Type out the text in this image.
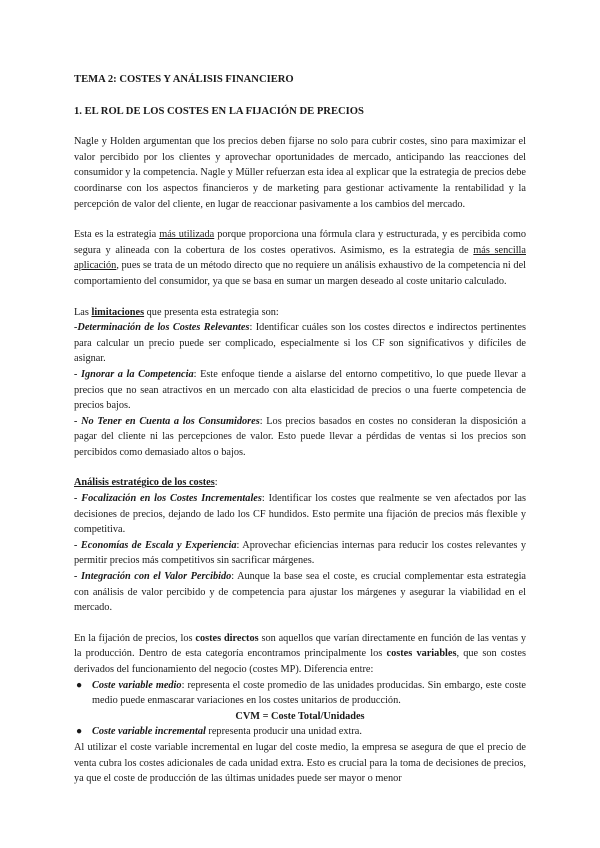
TEMA 2: COSTES Y ANÁLISIS FINANCIERO

1. EL ROL DE LOS COSTES EN LA FIJACIÓN DE PRECIOS

Nagle y Holden argumentan que los precios deben fijarse no solo para cubrir costes, sino para maximizar el valor percibido por los clientes y aprovechar oportunidades de mercado, anticipando las reacciones del consumidor y la competencia. Nagle y Müller refuerzan esta idea al explicar que la estrategia de precios debe coordinarse con los aspectos financieros y de marketing para gestionar activamente la rentabilidad y la percepción de valor del cliente, en lugar de reaccionar pasivamente a los cambios del mercado.

Esta es la estrategia más utilizada porque proporciona una fórmula clara y estructurada, y es percibida como segura y alineada con la cobertura de los costes operativos. Asimismo, es la estrategia de más sencilla aplicación, pues se trata de un método directo que no requiere un análisis exhaustivo de la competencia ni del comportamiento del consumidor, ya que se basa en sumar un margen deseado al coste unitario calculado.

Las limitaciones que presenta esta estrategia son:

-Determinación de los Costes Relevantes: Identificar cuáles son los costes directos e indirectos pertinentes para calcular un precio puede ser complicado, especialmente si los CF son significativos y difíciles de asignar.

- Ignorar a la Competencia: Este enfoque tiende a aislarse del entorno competitivo, lo que puede llevar a precios que no sean atractivos en un mercado con alta elasticidad de precios o una fuerte competencia de precios bajos.

- No Tener en Cuenta a los Consumidores: Los precios basados en costes no consideran la disposición a pagar del cliente ni las percepciones de valor. Esto puede llevar a pérdidas de ventas si los precios son percibidos como demasiado altos o bajos.

Análisis estratégico de los costes:

- Focalización en los Costes Incrementales: Identificar los costes que realmente se ven afectados por las decisiones de precios, dejando de lado los CF hundidos. Esto permite una fijación de precios más flexible y competitiva.

- Economías de Escala y Experiencia: Aprovechar eficiencias internas para reducir los costes relevantes y permitir precios más competitivos sin sacrificar márgenes.

- Integración con el Valor Percibido: Aunque la base sea el coste, es crucial complementar esta estrategia con análisis de valor percibido y de competencia para ajustar los márgenes y asegurar la viabilidad en el mercado.

En la fijación de precios, los costes directos son aquellos que varían directamente en función de las ventas y la producción. Dentro de esta categoría encontramos principalmente los costes variables, que son costes derivados del funcionamiento del negocio (costes MP). Diferencia entre:

● Coste variable medio: representa el coste promedio de las unidades producidas. Sin embargo, este coste medio puede enmascarar variaciones en los costes unitarios de producción.

CVM = Coste Total/Unidades

● Coste variable incremental representa producir una unidad extra.

Al utilizar el coste variable incremental en lugar del coste medio, la empresa se asegura de que el precio de venta cubra los costes adicionales de cada unidad extra. Esto es crucial para la toma de decisiones de precios, ya que el coste de producción de las últimas unidades puede ser mayor o menor
